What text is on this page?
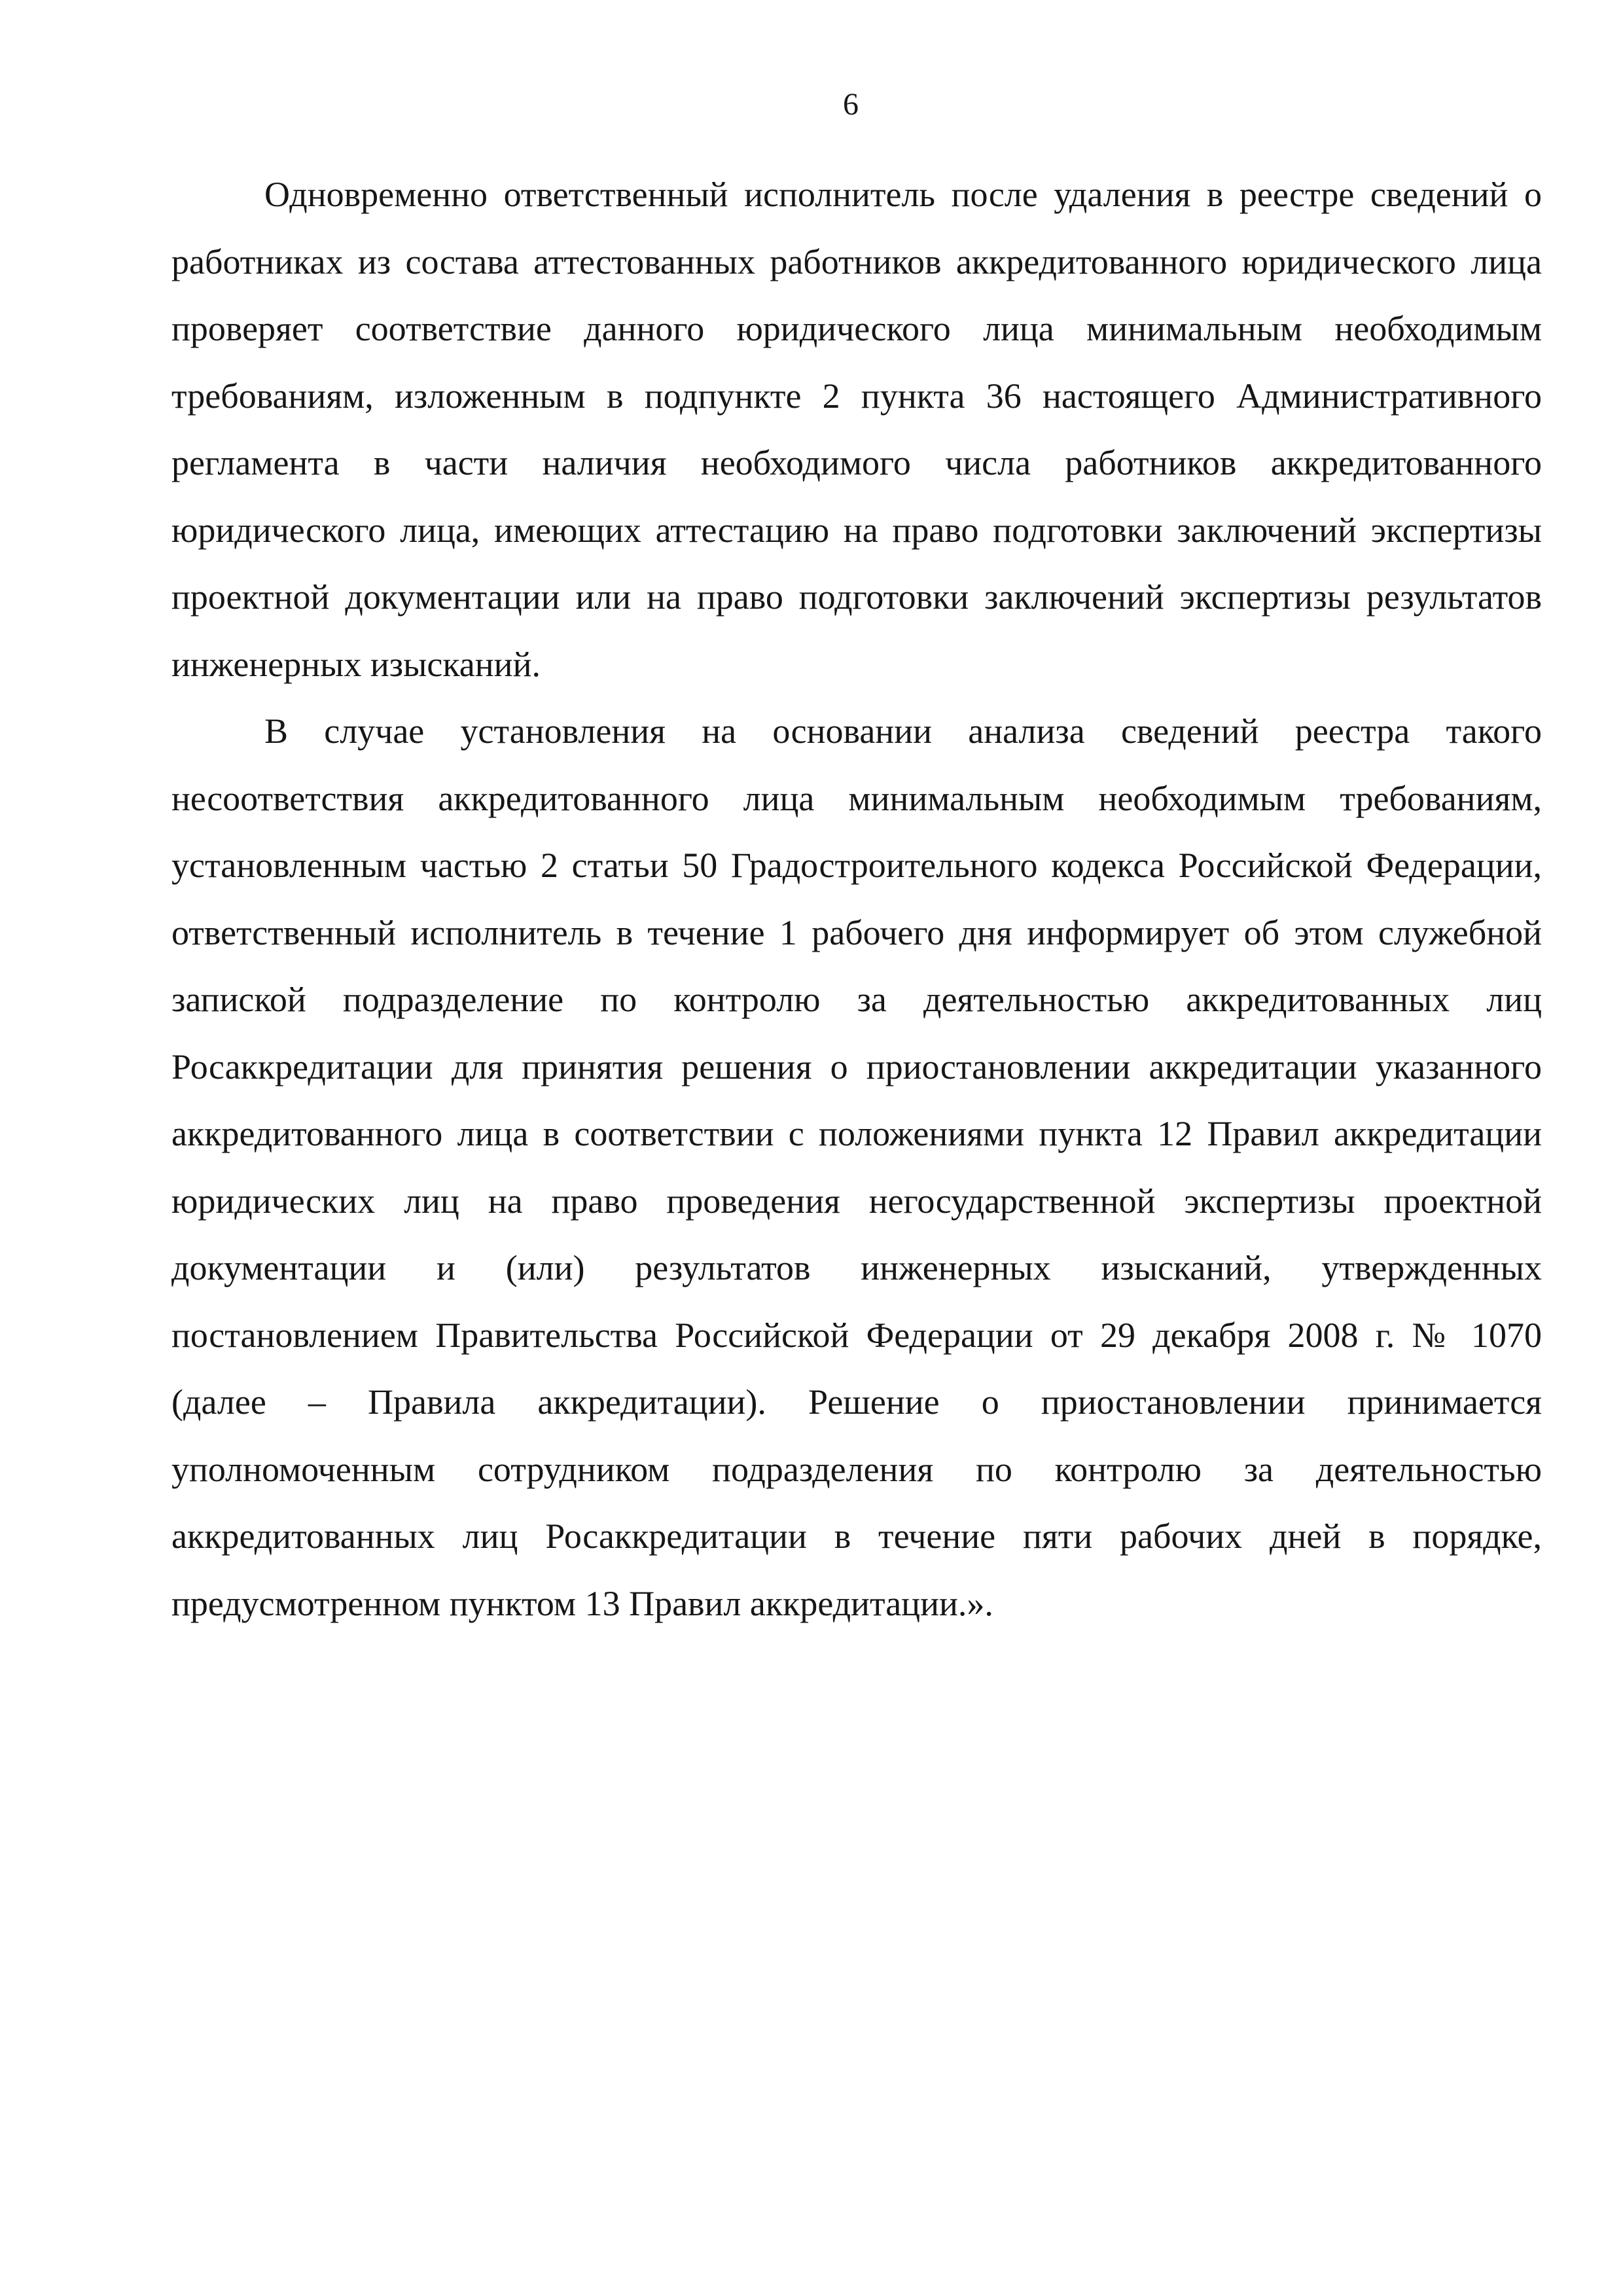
6

Одновременно ответственный исполнитель после удаления в реестре сведений о работниках из состава аттестованных работников аккредитованного юридического лица проверяет соответствие данного юридического лица минимальным необходимым требованиям, изложенным в подпункте 2 пункта 36 настоящего Административного регламента в части наличия необходимого числа работников аккредитованного юридического лица, имеющих аттестацию на право подготовки заключений экспертизы проектной документации или на право подготовки заключений экспертизы результатов инженерных изысканий.

В случае установления на основании анализа сведений реестра такого несоответствия аккредитованного лица минимальным необходимым требованиям, установленным частью 2 статьи 50 Градостроительного кодекса Российской Федерации, ответственный исполнитель в течение 1 рабочего дня информирует об этом служебной запиской подразделение по контролю за деятельностью аккредитованных лиц Росаккредитации для принятия решения о приостановлении аккредитации указанного аккредитованного лица в соответствии с положениями пункта 12 Правил аккредитации юридических лиц на право проведения негосударственной экспертизы проектной документации и (или) результатов инженерных изысканий, утвержденных постановлением Правительства Российской Федерации от 29 декабря 2008 г. № 1070 (далее – Правила аккредитации). Решение о приостановлении принимается уполномоченным сотрудником подразделения по контролю за деятельностью аккредитованных лиц Росаккредитации в течение пяти рабочих дней в порядке, предусмотренном пунктом 13 Правил аккредитации.».
